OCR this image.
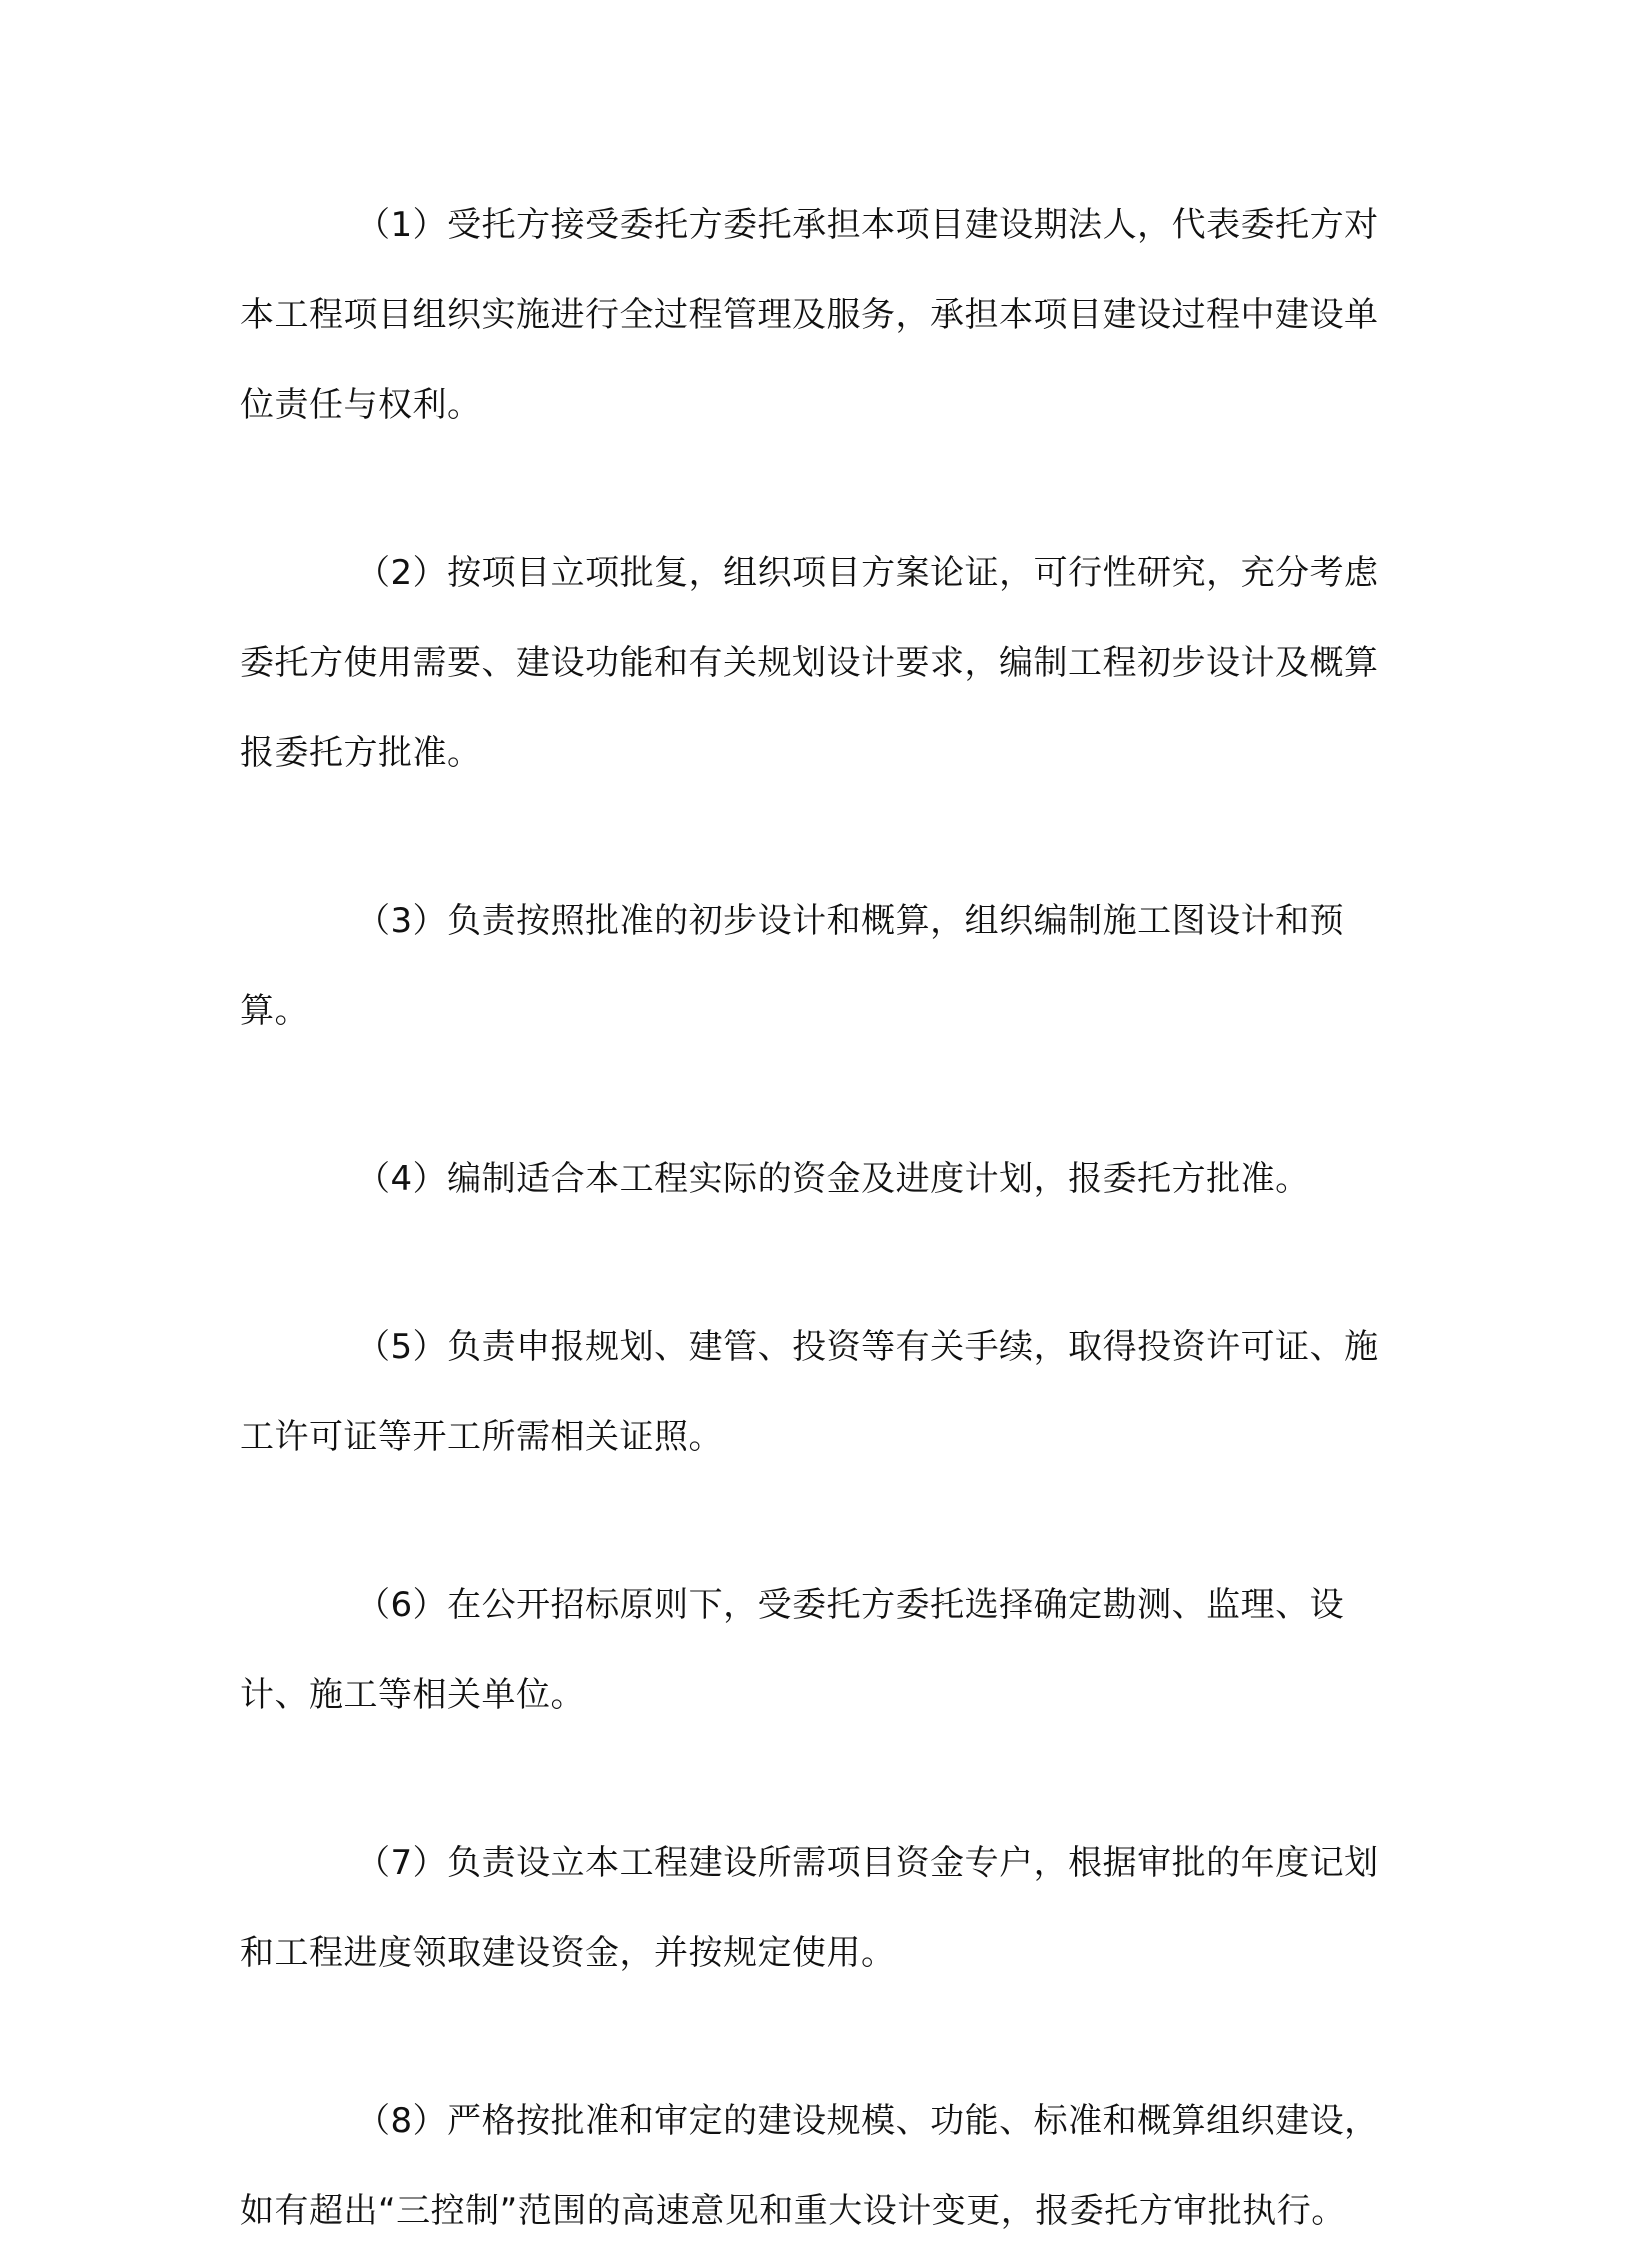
（1）受托方接受委托方委托承担本项目建设期法人，代表委托方对本工程项目组织实施进行全过程管理及服务，承担本项目建设过程中建设单位责任与权利。

（2）按项目立项批复，组织项目方案论证，可行性研究，充分考虑委托方使用需要、建设功能和有关规划设计要求，编制工程初步设计及概算报委托方批准。

（3）负责按照批准的初步设计和概算，组织编制施工图设计和预算。

（4）编制适合本工程实际的资金及进度计划，报委托方批准。

（5）负责申报规划、建管、投资等有关手续，取得投资许可证、施工许可证等开工所需相关证照。

（6）在公开招标原则下，受委托方委托选择确定勘测、监理、设计、施工等相关单位。

（7）负责设立本工程建设所需项目资金专户，根据审批的年度记划和工程进度领取建设资金，并按规定使用。

（8）严格按批准和审定的建设规模、功能、标准和概算组织建设，如有超出“三控制”范围的高速意见和重大设计变更，报委托方审批执行。
